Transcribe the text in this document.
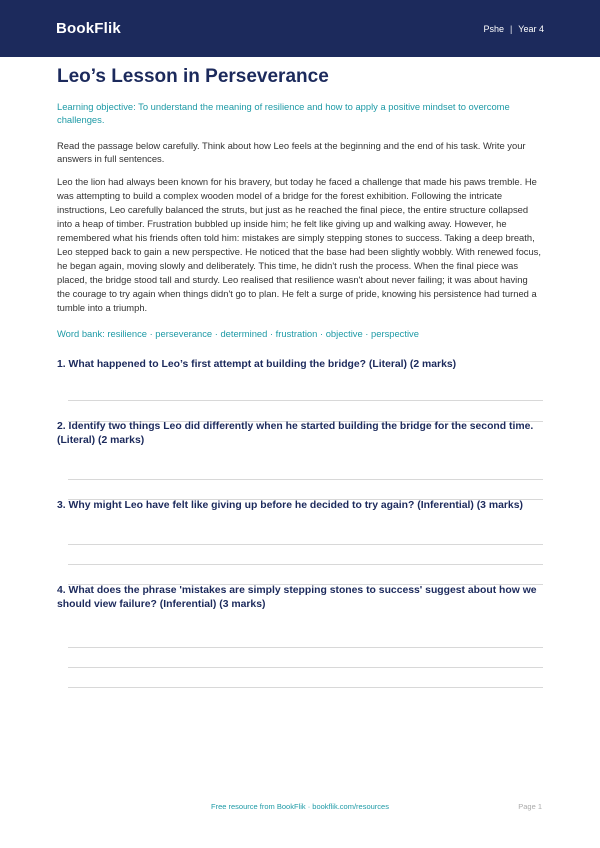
BookFlik	Pshe | Year 4
Leo’s Lesson in Perseverance

Learning objective: To understand the meaning of resilience and how to apply a positive mindset to overcome challenges.

Read the passage below carefully. Think about how Leo feels at the beginning and the end of his task. Write your answers in full sentences.

Leo the lion had always been known for his bravery, but today he faced a challenge that made his paws tremble. He was attempting to build a complex wooden model of a bridge for the forest exhibition. Following the intricate instructions, Leo carefully balanced the struts, but just as he reached the final piece, the entire structure collapsed into a heap of timber. Frustration bubbled up inside him; he felt like giving up and walking away. However, he remembered what his friends often told him: mistakes are simply stepping stones to success. Taking a deep breath, Leo stepped back to gain a new perspective. He noticed that the base had been slightly wobbly. With renewed focus, he began again, moving slowly and deliberately. This time, he didn't rush the process. When the final piece was placed, the bridge stood tall and sturdy. Leo realised that resilience wasn't about never failing; it was about having the courage to try again when things didn't go to plan. He felt a surge of pride, knowing his persistence had turned a tumble into a triumph.

Word bank: resilience · perseverance · determined · frustration · objective · perspective

1. What happened to Leo’s first attempt at building the bridge? (Literal) (2 marks)

2. Identify two things Leo did differently when he started building the bridge for the second time. (Literal) (2 marks)

3. Why might Leo have felt like giving up before he decided to try again? (Inferential) (3 marks)

4. What does the phrase 'mistakes are simply stepping stones to success' suggest about how we should view failure? (Inferential) (3 marks)

Free resource from BookFlik · bookflik.com/resources	Page 1
